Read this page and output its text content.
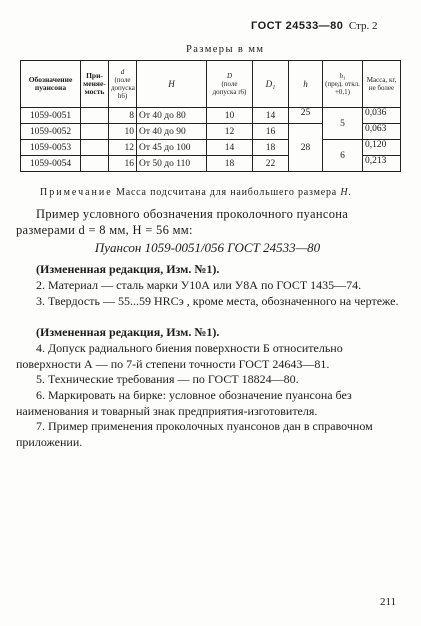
ГОСТ 24533—80 Стр. 2
Размеры в мм
Обозначение пуансона	При- меняе- мость	d
(поле допуска h6)	H	D
(поле допуска r6)	D₁	h	h₁
(пред. откл. +0,1)	Масса, кг, не более
1059-0051		8	От 40 до 80	10	14	25	5	0,036
1059-0052		10	От 40 до 90	12	16	28		0,063
1059-0053		12	От 45 до 100	14	18		6	0,120
1059-0054		16	От 50 до 110	18	22			0,213
Примечание Масса подсчитана для наибольшего размера H.

Пример условного обозначения проколочного пуансона размерами d = 8 мм, H = 56 мм:

Пуансон 1059-0051/056 ГОСТ 24533—80

(Измененная редакция, Изм. №1).

2. Материал — сталь марки У10А или У8А по ГОСТ 1435—74.

3. Твердость — 55...59 HRCэ , кроме места, обозначенного на чертеже.

(Измененная редакция, Изм. №1).

4. Допуск радиального биения поверхности Б относительно поверхности А — по 7-й степени точности ГОСТ 24643—81.

5. Технические требования — по ГОСТ 18824—80.

6. Маркировать на бирке: условное обозначение пуансона без наименования и товарный знак предприятия-изготовителя.

7. Пример применения проколочных пуансонов дан в справочном приложении.

211
